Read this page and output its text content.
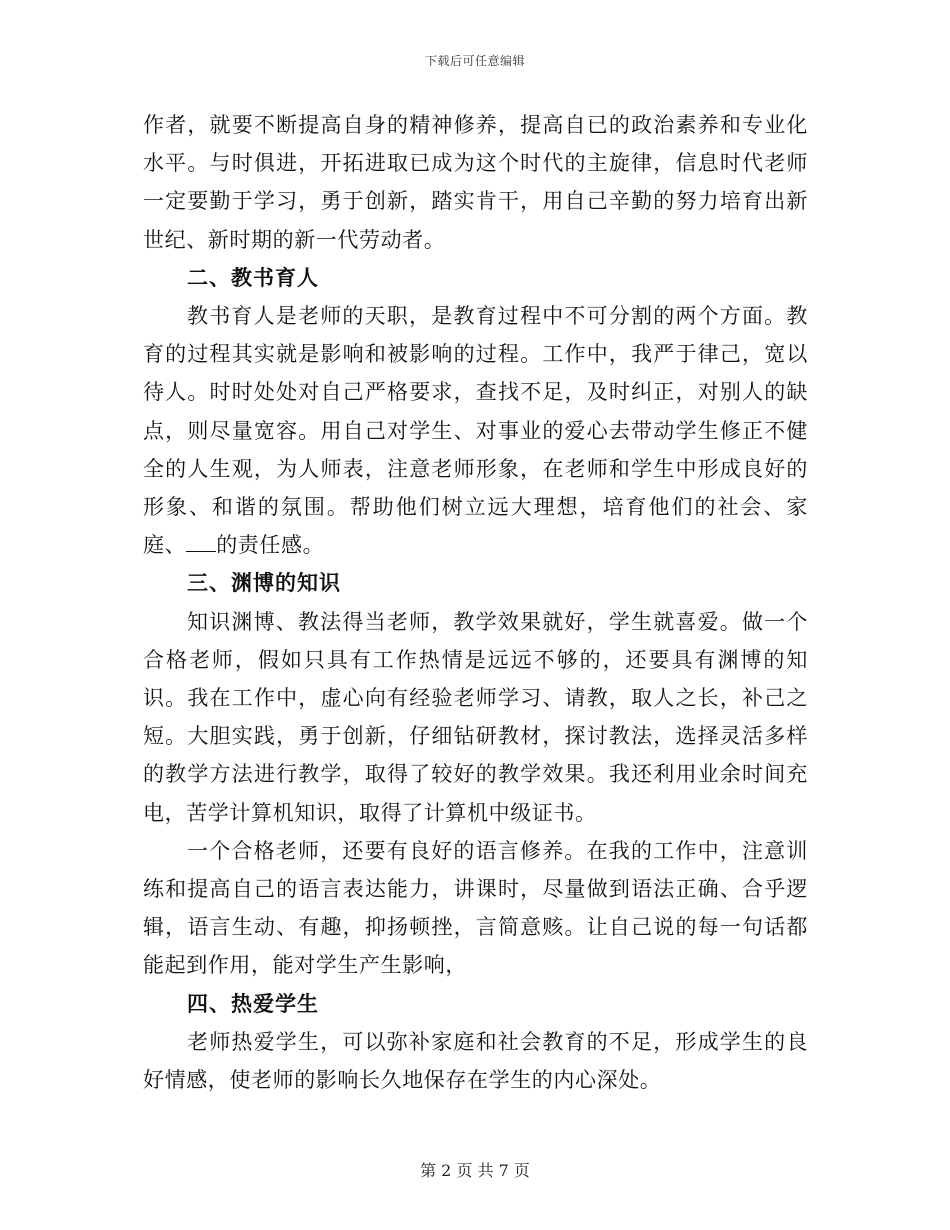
下载后可任意编辑

作者，就要不断提高自身的精神修养，提高自已的政治素养和专业化水平。与时俱进，开拓进取已成为这个时代的主旋律，信息时代老师一定要勤于学习，勇于创新，踏实肯干，用自己辛勤的努力培育出新世纪、新时期的新一代劳动者。

二、教书育人

教书育人是老师的天职，是教育过程中不可分割的两个方面。教育的过程其实就是影响和被影响的过程。工作中，我严于律己，宽以待人。时时处处对自己严格要求，查找不足，及时纠正，对别人的缺点，则尽量宽容。用自己对学生、对事业的爱心去带动学生修正不健全的人生观，为人师表，注意老师形象，在老师和学生中形成良好的形象、和谐的氛围。帮助他们树立远大理想，培育他们的社会、家庭、 的责任感。

三、渊博的知识

知识渊博、教法得当老师，教学效果就好，学生就喜爱。做一个合格老师，假如只具有工作热情是远远不够的，还要具有渊博的知识。我在工作中，虚心向有经验老师学习、请教，取人之长，补己之短。大胆实践，勇于创新，仔细钻研教材，探讨教法，选择灵活多样的教学方法进行教学，取得了较好的教学效果。我还利用业余时间充电，苦学计算机知识，取得了计算机中级证书。

一个合格老师，还要有良好的语言修养。在我的工作中，注意训练和提高自己的语言表达能力，讲课时，尽量做到语法正确、合乎逻辑，语言生动、有趣，抑扬顿挫，言简意赅。让自己说的每一句话都能起到作用，能对学生产生影响，

四、热爱学生

老师热爱学生，可以弥补家庭和社会教育的不足，形成学生的良好情感，使老师的影响长久地保存在学生的内心深处。

第 2 页 共 7 页
